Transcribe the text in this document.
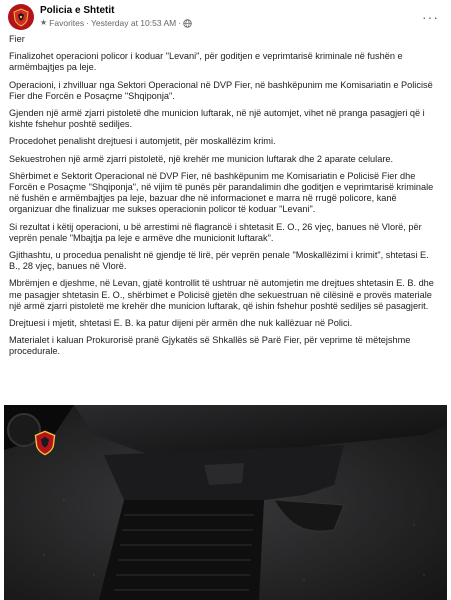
Policia e Shtetit
★ Favorites · Yesterday at 10:53 AM ·	···

Fier

Finalizohet operacioni policor i koduar "Levani", për goditjen e veprimtarisë kriminale në fushën e armëmbajtjes pa leje.

Operacioni, i zhvilluar nga Sektori Operacional në DVP Fier, në bashkëpunim me Komisariatin e Policisë Fier dhe Forcën e Posaçme "Shqiponja".

Gjenden një armë zjarri pistoletë dhe municion luftarak, në një automjet, vihet në pranga pasagjeri që i kishte fshehur poshtë sediljes.

Procedohet penalisht drejtuesi i automjetit, për moskallëzim krimi.

Sekuestrohen një armë zjarri pistoletë, një krehër me municion luftarak dhe 2 aparate celulare.

Shërbimet e Sektorit Operacional në DVP Fier, në bashkëpunim me Komisariatin e Policisë Fier dhe Forcën e Posaçme "Shqiponja", në vijim të punës për parandalimin dhe goditjen e veprimtarisë kriminale në fushën e armëmbajtjes pa leje, bazuar dhe në informacionet e marra në rrugë policore, kanë organizuar dhe finalizuar me sukses operacionin policor të koduar "Levani".

Si rezultat i këtij operacioni, u bë arrestimi në flagrancë i shtetasit E. O., 26 vjeç, banues në Vlorë, për veprën penale "Mbajtja pa leje e armëve dhe municionit luftarak".

Gjithashtu, u procedua penalisht në gjendje të lirë, për veprën penale "Moskallëzimi i krimit", shtetasi E. B., 28 vjeç, banues në Vlorë.

Mbrëmjen e djeshme, në Levan, gjatë kontrollit të ushtruar në automjetin me drejtues shtetasin E. B. dhe me pasagjer shtetasin E. O., shërbimet e Policisë gjetën dhe sekuestruan në cilësinë e provës materiale një armë zjarri pistoletë me krehër dhe municion luftarak, që ishin fshehur poshtë sediljes së pasagjerit.

Drejtuesi i mjetit, shtetasi E. B. ka patur dijeni për armën dhe nuk kallëzuar në Polici.

Materialet i kaluan Prokurorisë pranë Gjykatës së Shkallës së Parë Fier, për veprime të mëtejshme procedurale.
